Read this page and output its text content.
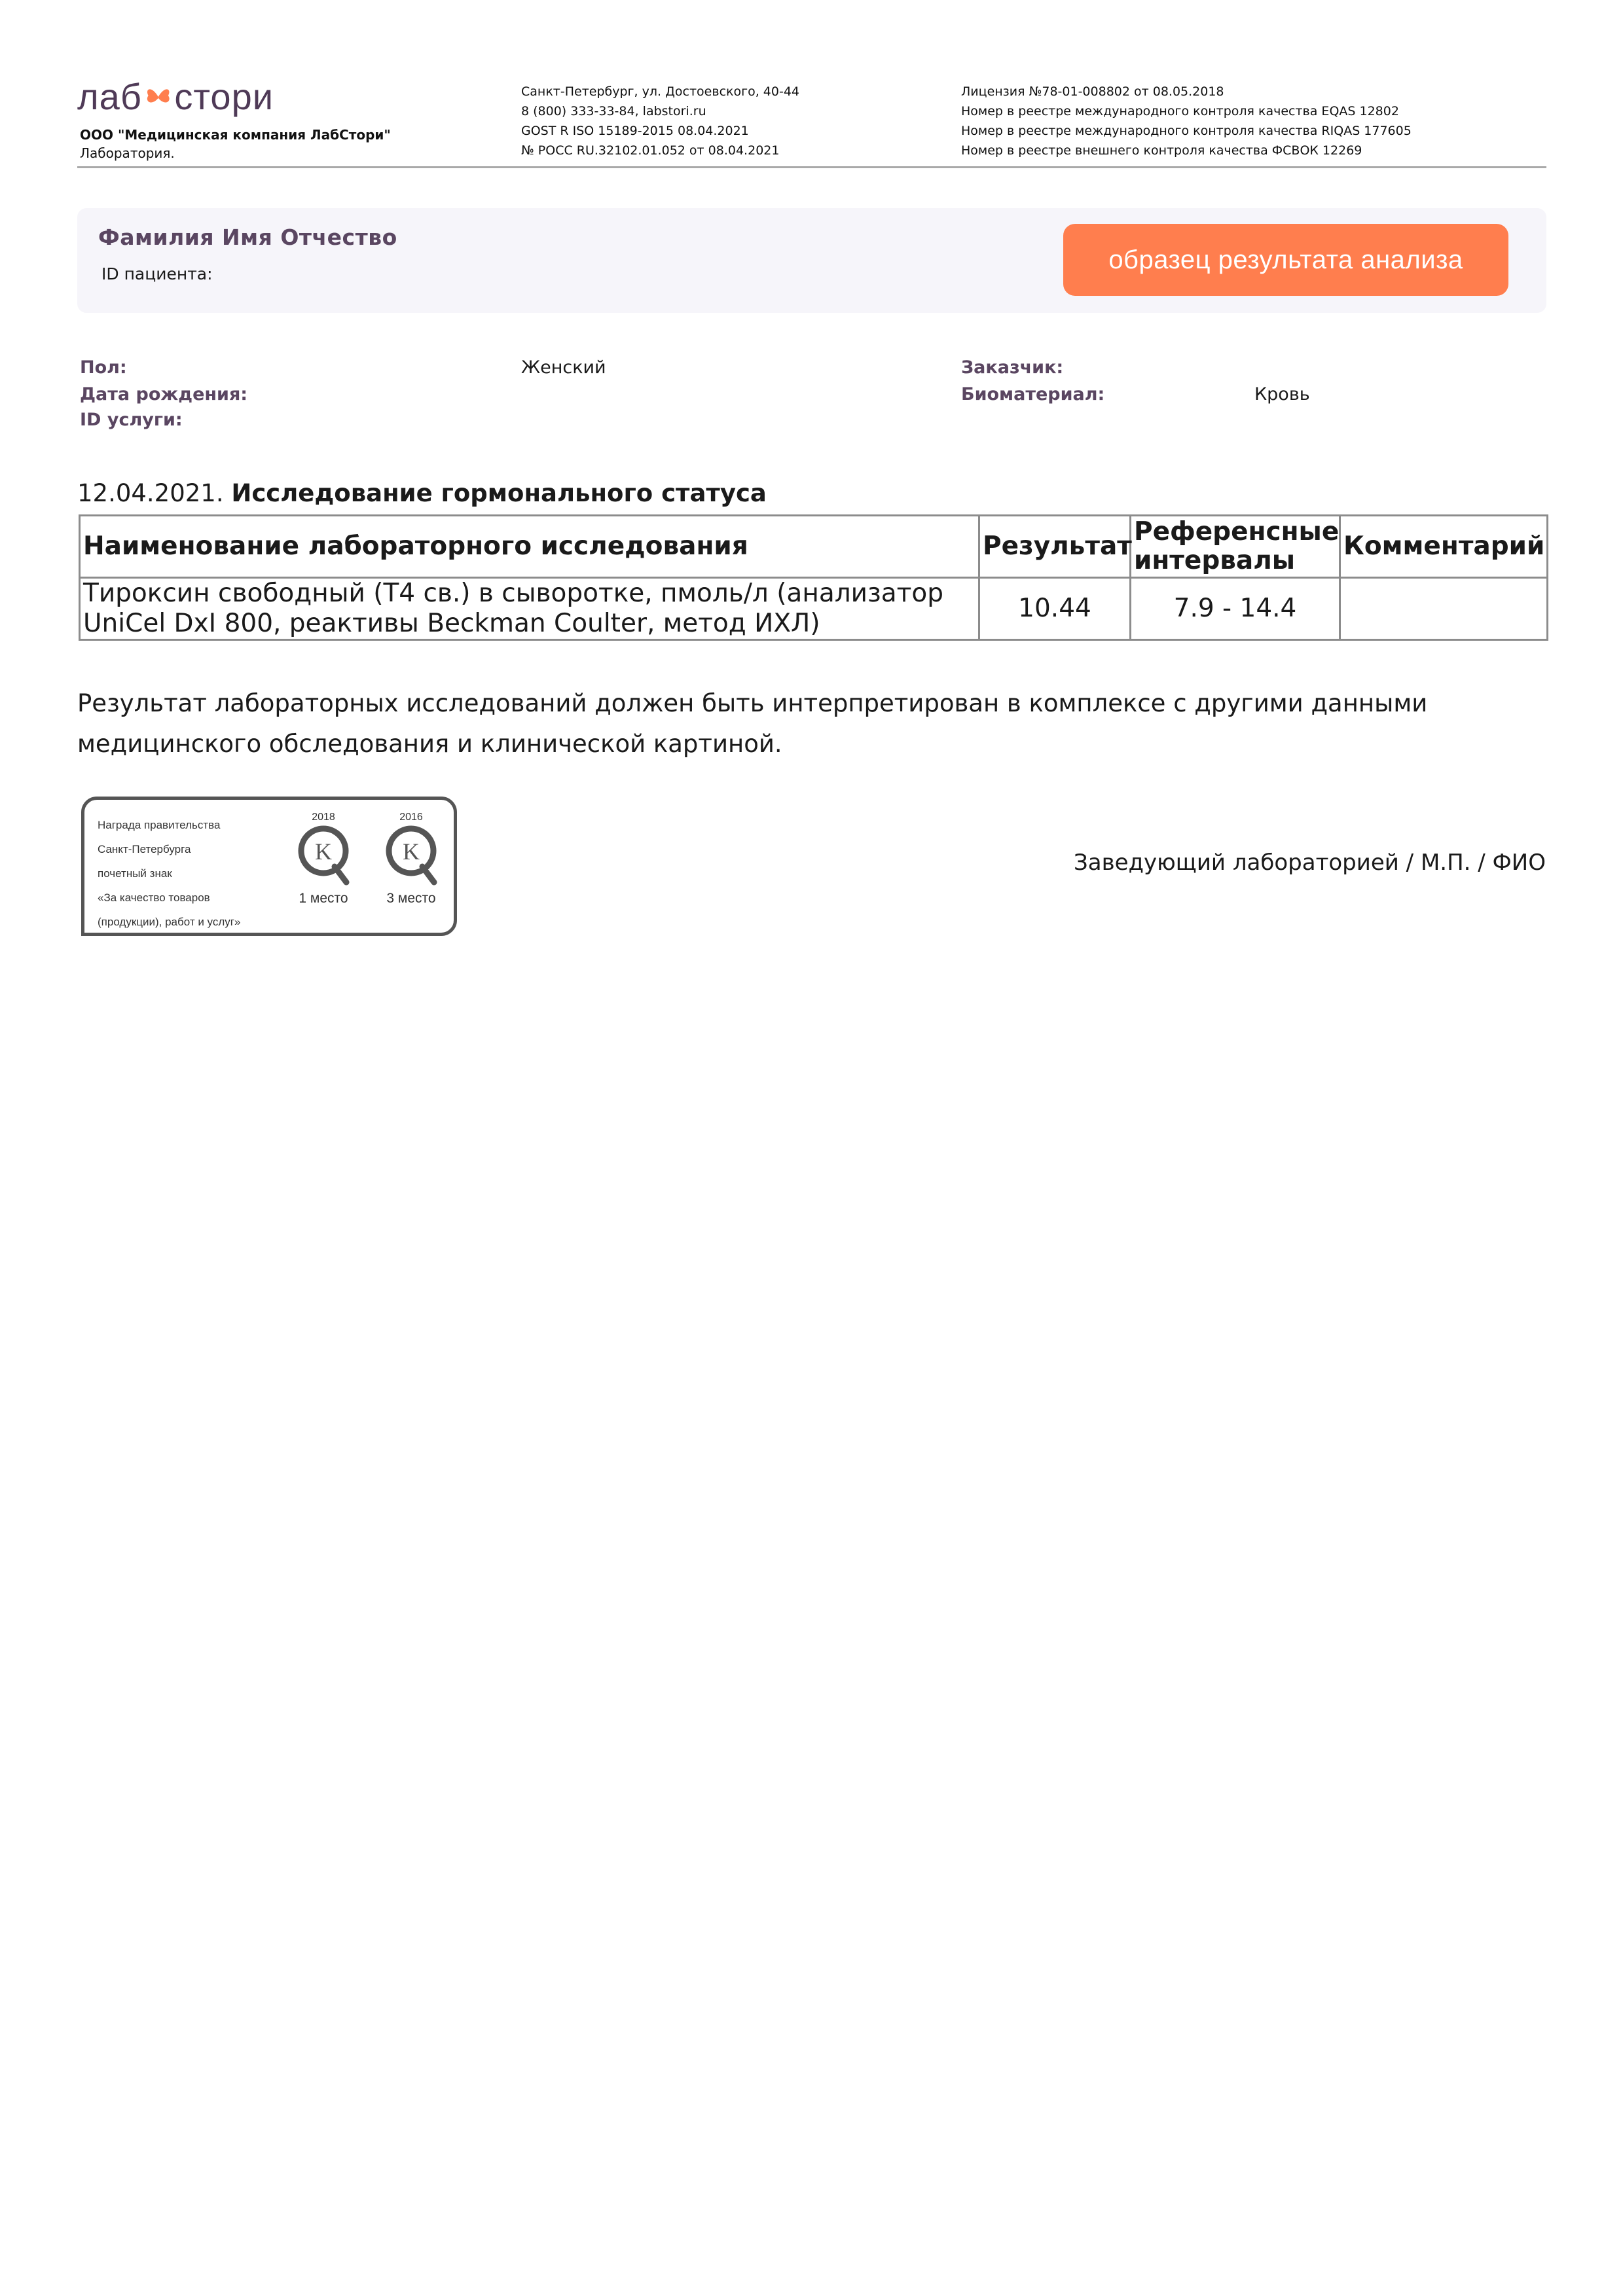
лаб стори
ООО "Медицинская компания ЛабСтори"
Лаборатория.
Санкт-Петербург, ул. Достоевского, 40-44
8 (800) 333-33-84, labstori.ru
GOST R ISO 15189-2015 08.04.2021
№ РОСС RU.32102.01.052 от 08.04.2021
Лицензия №78-01-008802 от 08.05.2018
Номер в реестре международного контроля качества EQAS 12802
Номер в реестре международного контроля качества RIQAS 177605
Номер в реестре внешнего контроля качества ФСВОК 12269
Фамилия Имя Отчество
ID пациента:	образец результата анализа
Пол:	Женский
Дата рождения:
ID услуги:
Заказчик:
Биоматериал:	Кровь
12.04.2021. Исследование гормонального статуса
Наименование лабораторного исследования	Результат	Референсные интервалы	Комментарий
Тироксин свободный (Т4 св.) в сыворотке, пмоль/л (анализатор UniCel DxI 800, реактивы Beckman Coulter, метод ИХЛ)	10.44	7.9 - 14.4	
Результат лабораторных исследований должен быть интерпретирован в комплексе с другими данными медицинского обследования и клинической картиной.
Награда правительства
Санкт-Петербурга
почетный знак
«За качество товаров
(продукции), работ и услуг»
2018
K
1 место
2016
K
3 место
Заведующий лабораторией / М.П. / ФИО
